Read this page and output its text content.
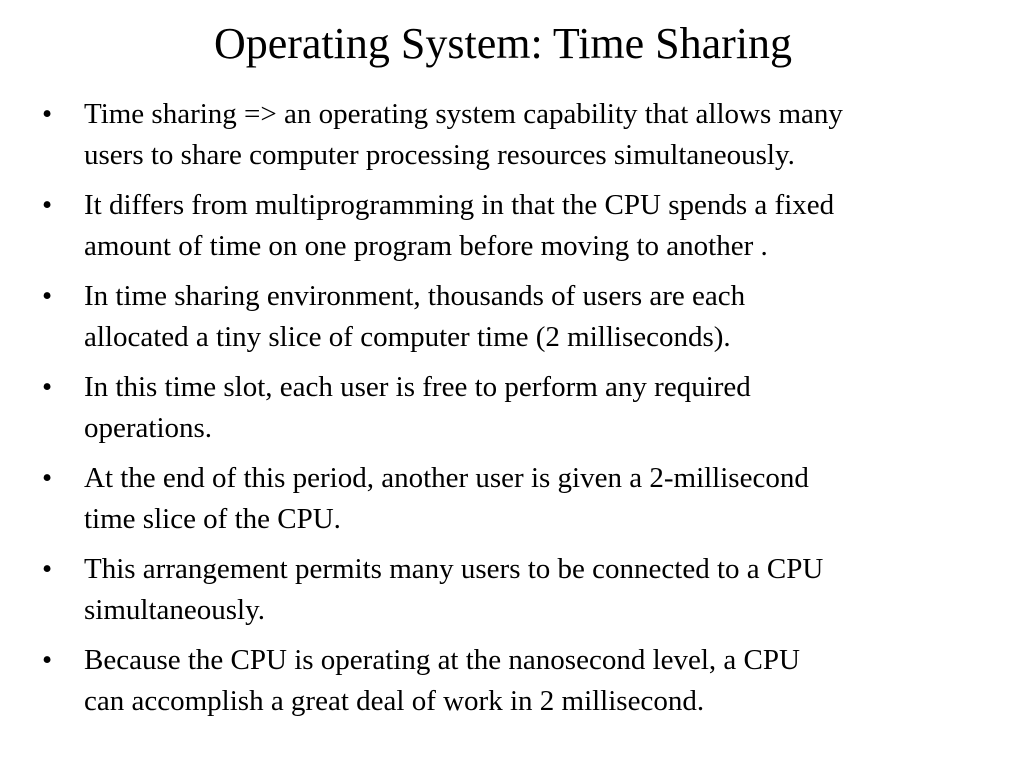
Operating System: Time Sharing
•	Time sharing => an operating system capability that allows many
users to share computer processing resources simultaneously.
•	It differs from multiprogramming in that the CPU spends a fixed
amount of time on one program before moving to another .
•	In time sharing environment, thousands of users are each
allocated a tiny slice of computer time (2 milliseconds).
•	In this time slot, each user is free to perform any required
operations.
•	At the end of this period, another user is given a 2-millisecond
time slice of the CPU.
•	This arrangement permits many users to be connected to a CPU
simultaneously.
•	Because the CPU is operating at the nanosecond level, a CPU
can accomplish a great deal of work in 2 millisecond.
